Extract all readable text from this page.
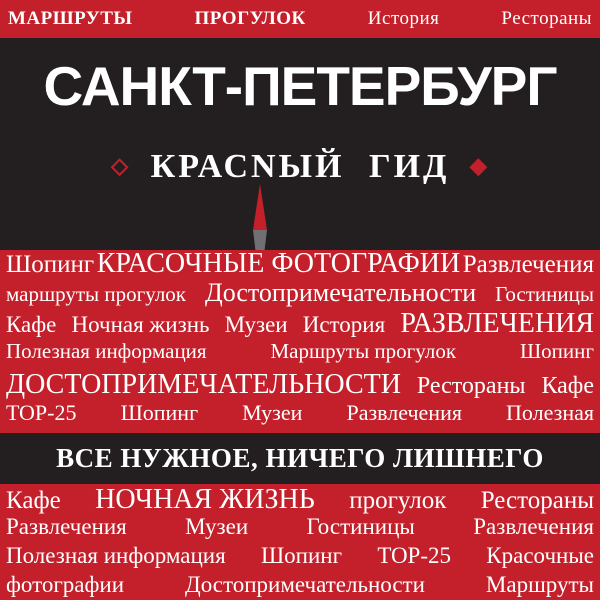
МАРШРУТЫ	ПРОГУЛОК	История	Рестораны
САНКТ-ПЕТЕРБУРГ
◇ КРАСNЫЙ ГИД ◆
Шопинг КРАСОЧНЫЕ ФОТОГРАФИИ Развлечения
маршруты прогулок Достопримечательности Гостиницы
Кафе Ночная жизнь Музеи История РАЗВЛЕЧЕНИЯ
Полезная информация	Маршруты прогулок	Шопинг
ДОСТОПРИМЕЧАТЕЛЬНОСТИ Рестораны Кафе
TOP-25 Шопинг Музеи Развлечения Полезная
ВСЕ НУЖНОЕ, НИЧЕГО ЛИШНЕГО
Кафе НОЧНАЯ ЖИЗНЬ прогулок Рестораны
Развлечения	Музеи	Гостиницы	Развлечения
Полезная информация Шопинг TOP-25 Красочные
фотографии	Достопримечательности	Маршруты
